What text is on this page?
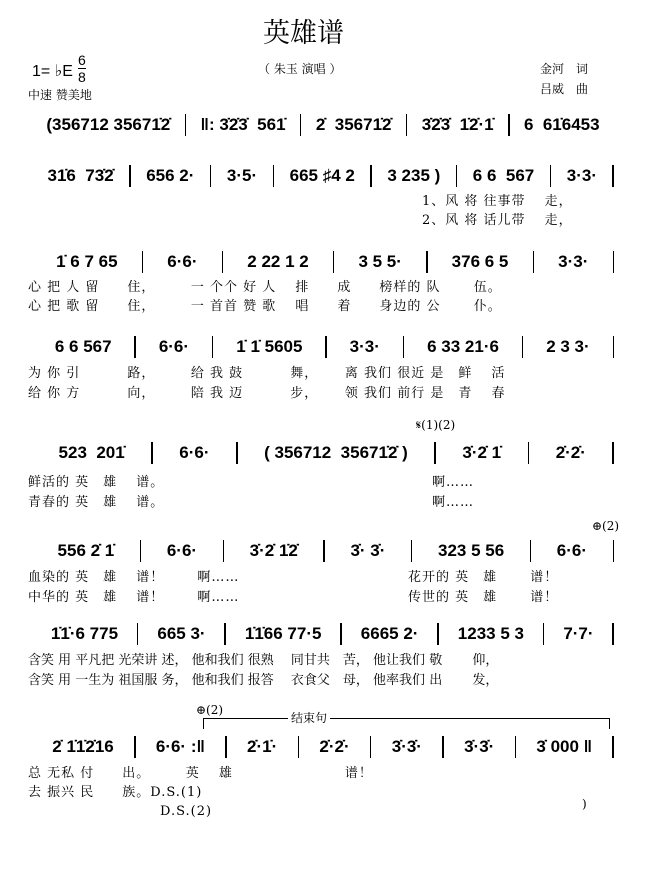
英雄谱
1= ♭E
6
8
中速 赞美地
（ 朱玉 演唱 ）	金河　词
吕威　曲
(356712 35671̇2̇	‖: 3̇2̇3̇  561̇	2̇  35671̇2̇	3̇2̇3̇  1̇2̇·1̇	6  61̇6453
31̇6  73̇2̇	656 2·	3·5·	665 ♯4 2	3 235 )	6 6  567	3·3·
1̇ 6 7 65	6·6·	2 22 1 2	3 5 5·	376 6 5	3·3·
6 6 567	6·6·	1̇ 1̇ 5605	3·3·	6 33 21·6	2 3 3·
523  201̇	6·6·	( 356712  35671̇2̇ )	3̇·2̇ 1̇	2̇·2̇·
556 2̇ 1̇	6·6·	3̇·2̇ 1̇2̇	3̇· 3̇·	323 5 56	6·6·
1̇1̇·6 775	665 3·	1̇1̇66 77·5	6665 2·	1233 5 3	7·7·
2̇ 1̇1̇2̇16	6·6· :‖	2̇·1̇·	2̇·2̇·	3̇·3̇·	3̇·3̇·	3̇ 000 ‖
1、风 将 往事带　 走，
2、风 将 话儿带　 走，
心 把 人 留　　住，　　　一 个个 好 人　 排　　成　　榜样的 队　　 伍。
心 把 歌 留　　住，　　　一 首首 赞 歌　 唱　　着　　身边的 公　　 仆。
为 你 引　　　 路，　　　给 我 鼓　　　 舞，　　 离 我们 很近 是　鲜　 活
给 你 方　　　 向，　　　陪 我 迈　　　 步，　　 领 我们 前行 是　青　 春
鲜活的 英　雄　 谱。
青春的 英　雄　 谱。
啊……
啊……
血染的 英　雄　 谱！　　 啊……
中华的 英　雄　 谱！　　 啊……
花开的 英　雄　　 谱！
传世的 英　雄　　 谱！
含笑 用 平凡把 光荣讲 述， 他和我们 很熟　 同甘共　苦， 他让我们 敬　　 仰，
含笑 用 一生为 祖国服 务， 他和我们 报答　 衣食父　母， 他率我们 出　　 发，
总 无私 付　　出。　　　英　 雄　　　　　　　　谱！
去 振兴 民　　族。D.S.(1)
D.S.(2)
𝄋(1)(2)
⊕(2)
⊕(2)
结束句
)
